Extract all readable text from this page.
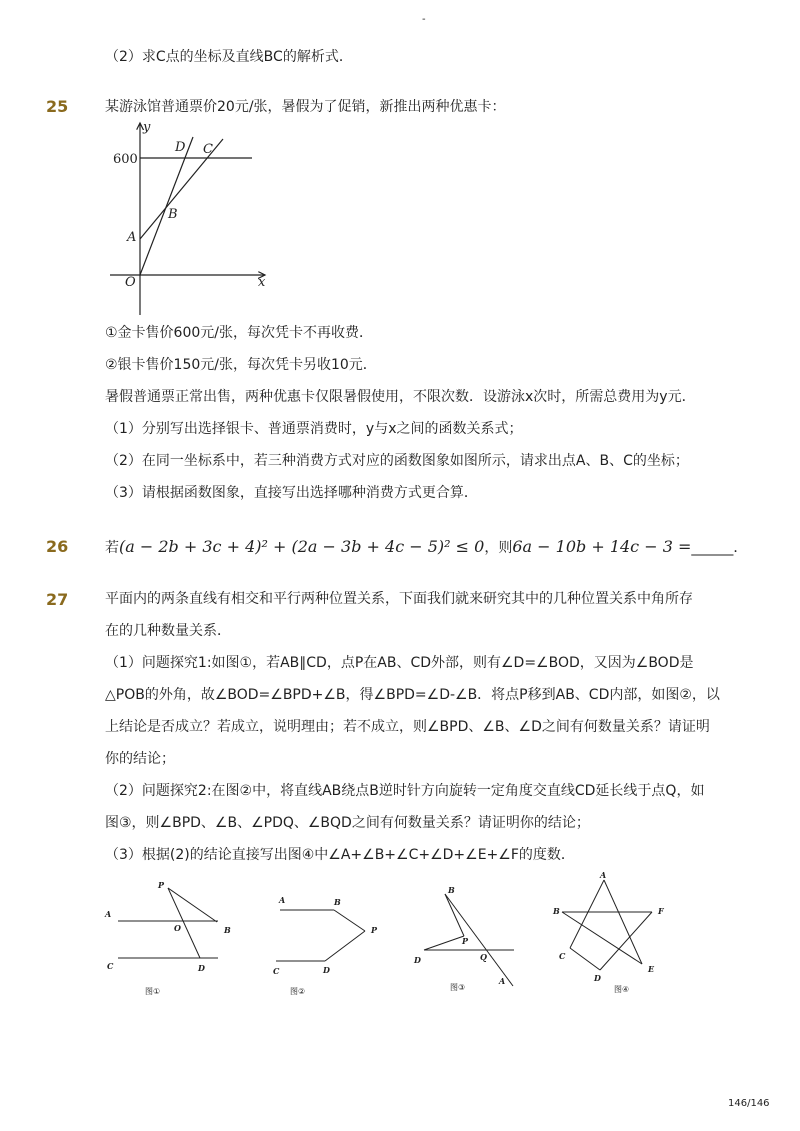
-
（2）求C点的坐标及直线BC的解析式．
25	某游泳馆普通票价20元/张，暑假为了促销，新推出两种优惠卡：
600
y
x
O
A
B
C
D
①金卡售价600元/张，每次凭卡不再收费．
②银卡售价150元/张，每次凭卡另收10元．
暑假普通票正常出售，两种优惠卡仅限暑假使用，不限次数．设游泳x次时，所需总费用为y元．
（1）分别写出选择银卡、普通票消费时，y与x之间的函数关系式；
（2）在同一坐标系中，若三种消费方式对应的函数图象如图所示，请求出点A、B、C的坐标；
（3）请根据函数图象，直接写出选择哪种消费方式更合算．
26	若(a − 2b + 3c + 4)² + (2a − 3b + 4c − 5)² ≤ 0，则6a − 10b + 14c − 3 =______．
27	平面内的两条直线有相交和平行两种位置关系，下面我们就来研究其中的几种位置关系中角所存
在的几种数量关系．
（1）问题探究1:如图①，若AB∥CD，点P在AB、CD外部，则有∠D=∠BOD，又因为∠BOD是
△POB的外角，故∠BOD=∠BPD+∠B，得∠BPD=∠D-∠B．将点P移到AB、CD内部，如图②，以
上结论是否成立？若成立，说明理由；若不成立，则∠BPD、∠B、∠D之间有何数量关系？请证明
你的结论；
（2）问题探究2:在图②中，将直线AB绕点B逆时针方向旋转一定角度交直线CD延长线于点Q，如
图③，则∠BPD、∠B、∠PDQ、∠BQD之间有何数量关系？请证明你的结论；
（3）根据(2)的结论直接写出图④中∠A+∠B+∠C+∠D+∠E+∠F的度数．
P
A
O	B
C	D
图①
A	B
P
C	D
图②
B
P
D	Q
A
图③
A
B	F
C
E
D
图④
146/146
